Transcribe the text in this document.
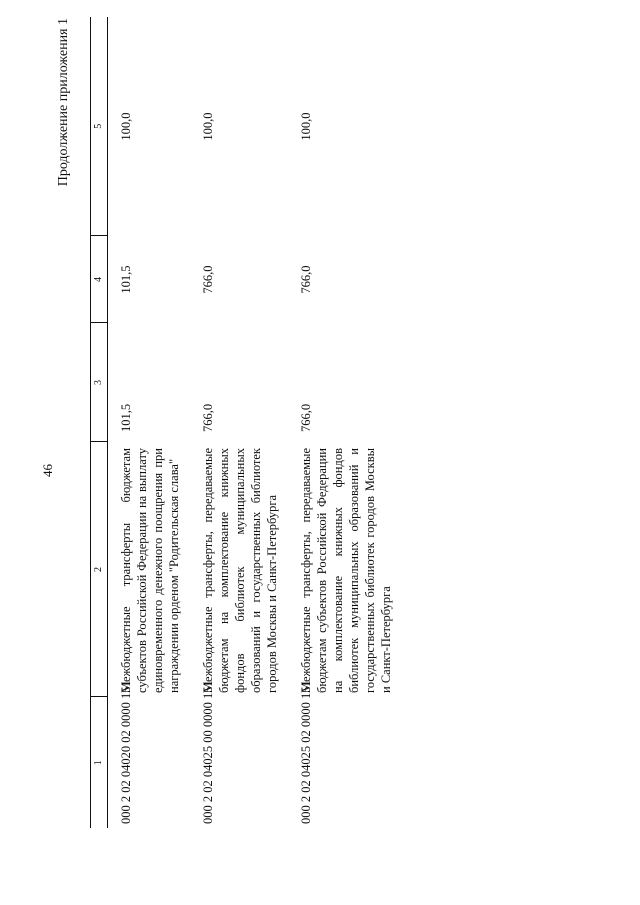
46
Продолжение приложения 1
1	2	3	4	5
000 2 02 04020 02 0000 151	Межбюджетные трансферты бюджетам субъектов Российской Федерации на выплату единовременного денежного поощрения при награждении орденом "Родительская слава"	101,5	101,5	100,0
000 2 02 04025 00 0000 151	Межбюджетные трансферты, передаваемые бюджетам на комплектование книжных фондов библиотек муниципальных образований и государственных библиотек городов Москвы и Санкт-Петербурга	766,0	766,0	100,0
000 2 02 04025 02 0000 151	Межбюджетные трансферты, передаваемые бюджетам субъектов Российской Федерации на комплектование книжных фондов библиотек муниципальных образований и государственных библиотек городов Москвы и Санкт-Петербурга	766,0	766,0	100,0
